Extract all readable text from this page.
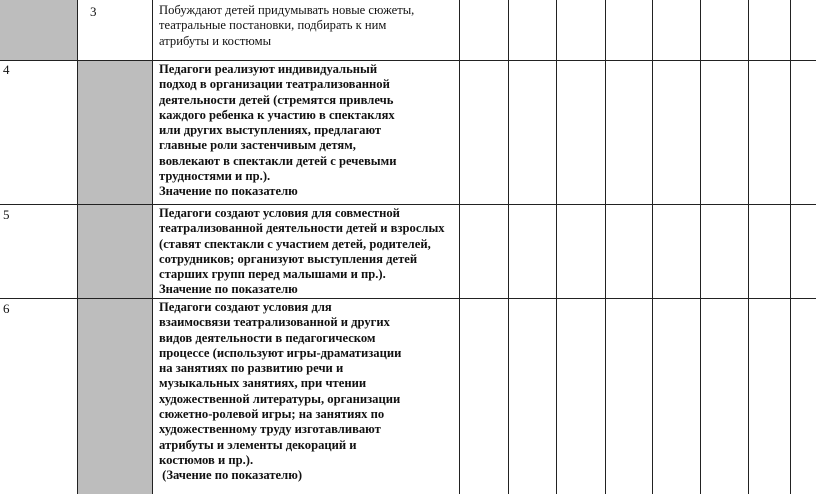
3	Побуждают детей придумывать новые сюжеты,
театральные постановки, подбирать к ним
атрибуты и костюмы
4	Педагоги реализуют индивидуальный
подход в организации театрализованной
деятельности детей (стремятся привлечь
каждого ребенка к участию в спектаклях
или других выступлениях, предлагают
главные роли застенчивым детям,
вовлекают в спектакли детей с речевыми
трудностями и пр.).
Значение по показателю
5	Педагоги создают условия для совместной
театрализованной деятельности детей и взрослых
(ставят спектакли с участием детей, родителей,
сотрудников; организуют выступления детей
старших групп перед малышами и пр.).
Значение по показателю
6	Педагоги создают условия для
взаимосвязи театрализованной и других
видов деятельности в педагогическом
процессе (используют игры-драматизации
на занятиях по развитию речи и
музыкальных занятиях, при чтении
художественной литературы, организации
сюжетно-ролевой игры; на занятиях по
художественному труду изготавливают
атрибуты и элементы декораций и
костюмов и пр.).
(Зачение по показателю)
